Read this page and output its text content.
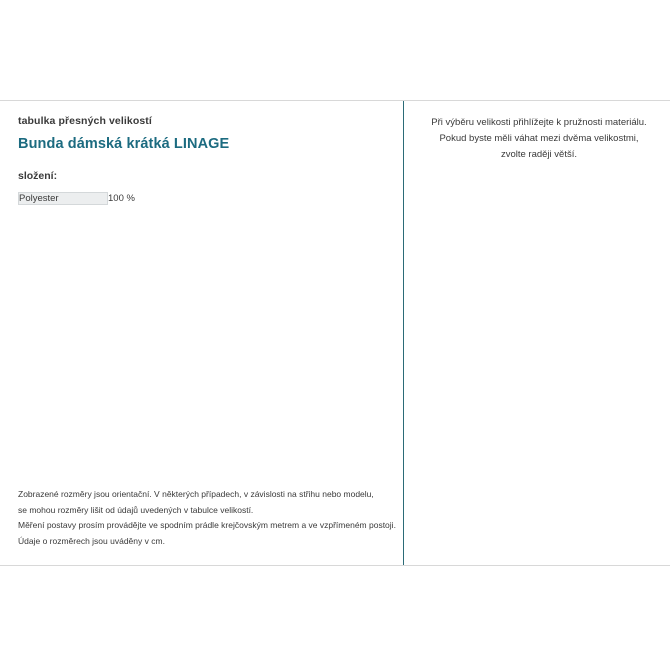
tabulka přesných velikostí

Bunda dámská krátká LINAGE

složení:

Polyester	100 %
Zobrazené rozměry jsou orientační. V některých případech, v závislosti na střihu nebo modelu,
se mohou rozměry lišit od údajů uvedených v tabulce velikostí.
Měření postavy prosím provádějte ve spodním prádle krejčovským metrem a ve vzpřímeném postoji.
Údaje o rozměrech jsou uváděny v cm.
Při výběru velikosti přihlížejte k pružnosti materiálu.
Pokud byste měli váhat mezi dvěma velikostmi,
zvolte raději větší.
